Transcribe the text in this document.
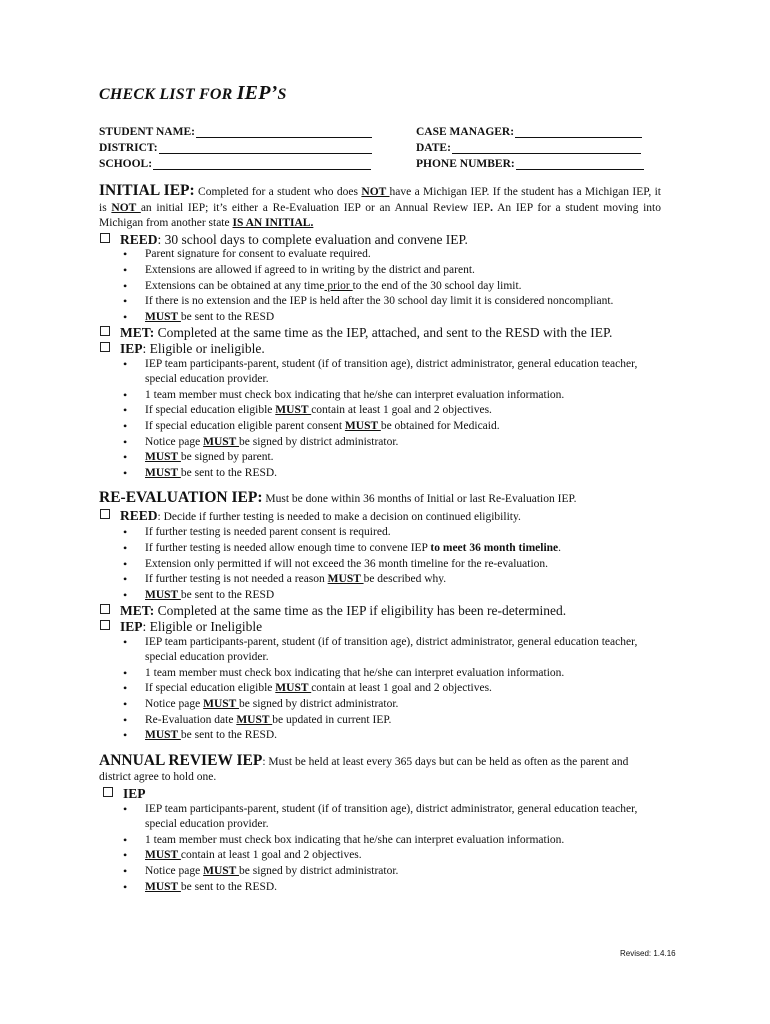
CHECK LIST FOR IEP’S
STUDENT NAME:
DISTRICT:
SCHOOL:
CASE MANAGER:
DATE:
PHONE NUMBER:

INITIAL IEP: Completed for a student who does NOT have a Michigan IEP. If the student has a Michigan IEP, it is NOT an initial IEP; it’s either a Re-Evaluation IEP or an Annual Review IEP. An IEP for a student moving into Michigan from another state IS AN INITIAL.

REED: 30 school days to complete evaluation and convene IEP.
• Parent signature for consent to evaluate required.
• Extensions are allowed if agreed to in writing by the district and parent.
• Extensions can be obtained at any time prior to the end of the 30 school day limit.
• If there is no extension and the IEP is held after the 30 school day limit it is considered noncompliant.
• MUST be sent to the RESD
MET: Completed at the same time as the IEP, attached, and sent to the RESD with the IEP.
IEP: Eligible or ineligible.
• IEP team participants-parent, student (if of transition age), district administrator, general education teacher, special education provider.
• 1 team member must check box indicating that he/she can interpret evaluation information.
• If special education eligible MUST contain at least 1 goal and 2 objectives.
• If special education eligible parent consent MUST be obtained for Medicaid.
• Notice page MUST be signed by district administrator.
• MUST be signed by parent.
• MUST be sent to the RESD.

RE-EVALUATION IEP: Must be done within 36 months of Initial or last Re-Evaluation IEP.

REED: Decide if further testing is needed to make a decision on continued eligibility.
• If further testing is needed parent consent is required.
• If further testing is needed allow enough time to convene IEP to meet 36 month timeline.
• Extension only permitted if will not exceed the 36 month timeline for the re-evaluation.
• If further testing is not needed a reason MUST be described why.
• MUST be sent to the RESD
MET: Completed at the same time as the IEP if eligibility has been re-determined.
IEP: Eligible or Ineligible
• IEP team participants-parent, student (if of transition age), district administrator, general education teacher, special education provider.
• 1 team member must check box indicating that he/she can interpret evaluation information.
• If special education eligible MUST contain at least 1 goal and 2 objectives.
• Notice page MUST be signed by district administrator.
• Re-Evaluation date MUST be updated in current IEP.
• MUST be sent to the RESD.

ANNUAL REVIEW IEP: Must be held at least every 365 days but can be held as often as the parent and district agree to hold one.

IEP
• IEP team participants-parent, student (if of transition age), district administrator, general education teacher, special education provider.
• 1 team member must check box indicating that he/she can interpret evaluation information.
• MUST contain at least 1 goal and 2 objectives.
• Notice page MUST be signed by district administrator.
• MUST be sent to the RESD.
Revised: 1.4.16
